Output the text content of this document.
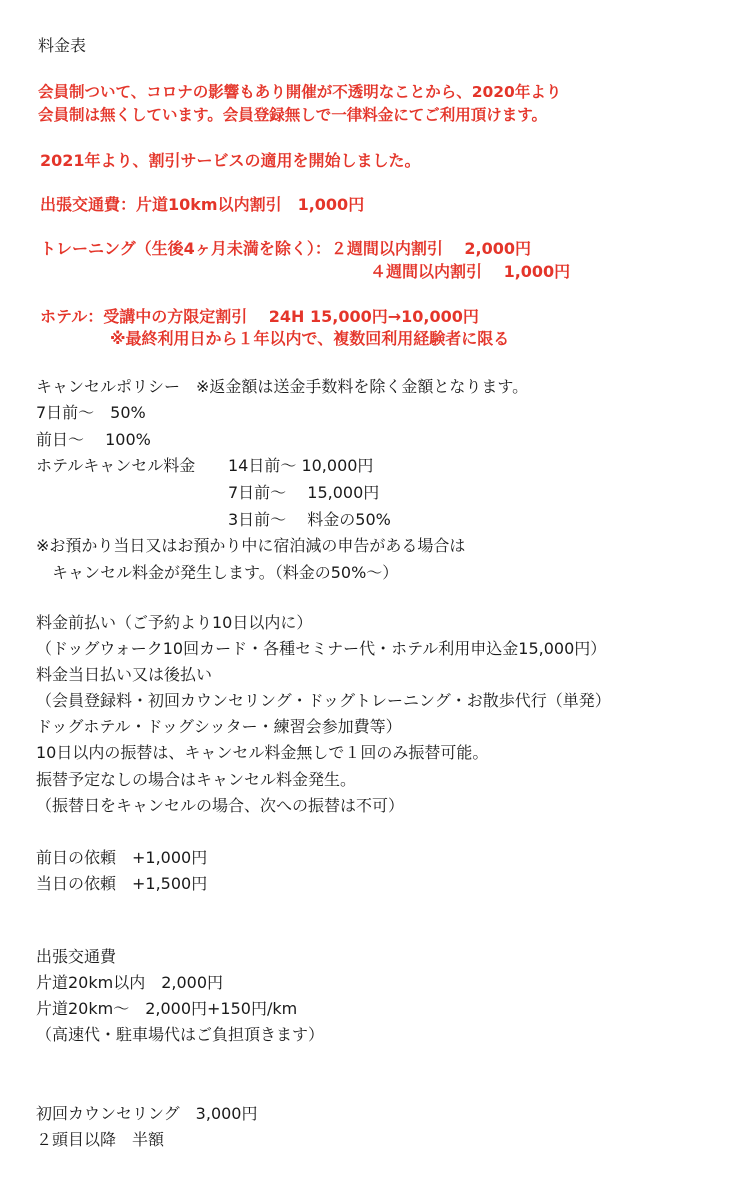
料金表
会員制ついて、コロナの影響もあり開催が不透明なことから、2020年より
会員制は無くしています。会員登録無しで一律料金にてご利用頂けます。
2021年より、割引サービスの適用を開始しました。
出張交通費：片道10km以内割引　1,000円
トレーニング（生後4ヶ月未満を除く）：２週間以内割引　 2,000円
４週間以内割引　 1,000円
ホテル：受講中の方限定割引　 24H 15,000円→10,000円
※最終利用日から１年以内で、複数回利用経験者に限る
キャンセルポリシー　※返金額は送金手数料を除く金額となります。
7日前〜　50%
前日〜　 100%
ホテルキャンセル料金 14日前〜 10,000円
7日前〜　 15,000円
3日前〜　 料金の50%
※お預かり当日又はお預かり中に宿泊減の申告がある場合は
キャンセル料金が発生します。（料金の50%〜）
料金前払い（ご予約より10日以内に）
（ドッグウォーク10回カード・各種セミナー代・ホテル利用申込金15,000円）
料金当日払い又は後払い
（会員登録料・初回カウンセリング・ドッグトレーニング・お散歩代行（単発）
ドッグホテル・ドッグシッター・練習会参加費等）
10日以内の振替は、キャンセル料金無しで１回のみ振替可能。
振替予定なしの場合はキャンセル料金発生。
（振替日をキャンセルの場合、次への振替は不可）
前日の依頼　+1,000円
当日の依頼　+1,500円
出張交通費
片道20km以内　2,000円
片道20km〜　2,000円+150円/km
（高速代・駐車場代はご負担頂きます）
初回カウンセリング　3,000円
２頭目以降　半額
